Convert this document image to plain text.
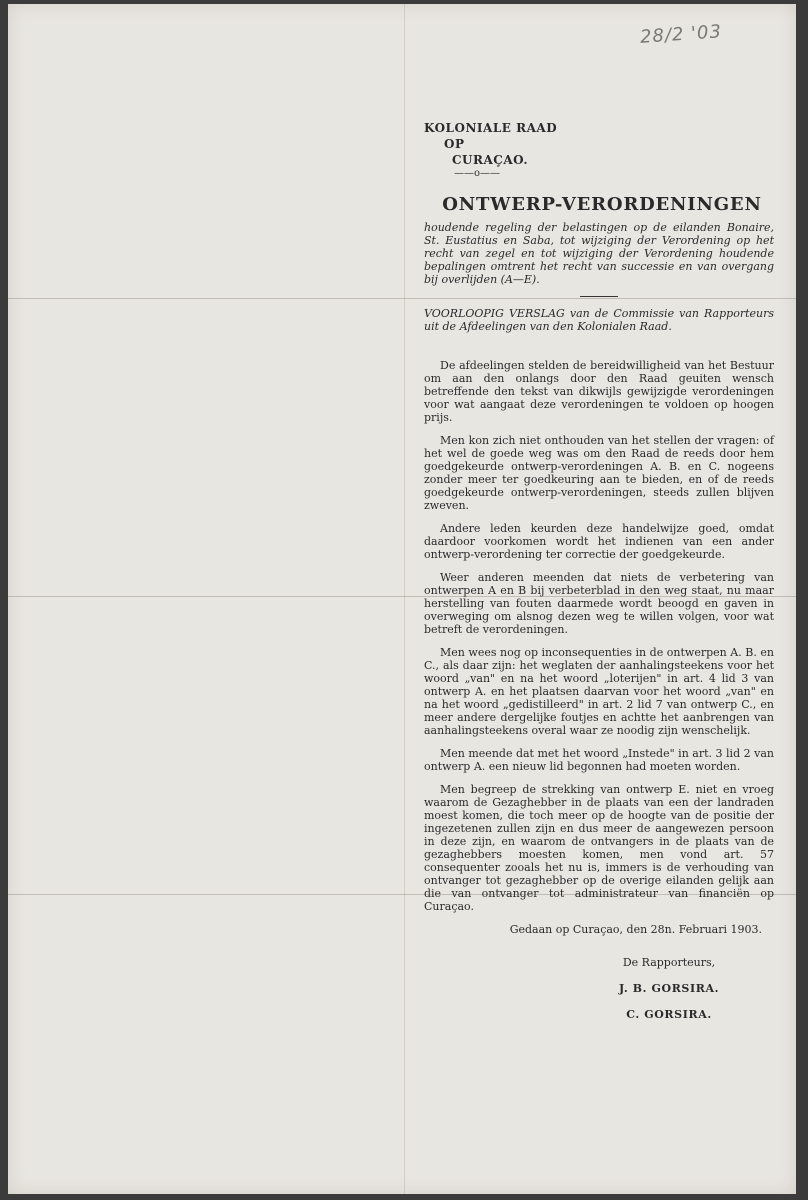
28/2 '03
KOLONIALE RAAD
OP
CURAÇAO.
——o——
ONTWERP-VERORDENINGEN
houdende regeling der belastingen op de eilanden Bonaire, St. Eustatius en Saba, tot wijziging der Verordening op het recht van zegel en tot wijziging der Verordening houdende bepalingen omtrent het recht van successie en van overgang bij overlijden (A—E).
VOORLOOPIG VERSLAG van de Commissie van Rapporteurs uit de Afdeelingen van den Kolonialen Raad.

De afdeelingen stelden de bereidwilligheid van het Bestuur om aan den onlangs door den Raad geuiten wensch betreffende den tekst van dikwijls gewijzigde verordeningen voor wat aangaat deze verordeningen te voldoen op hoogen prijs.

Men kon zich niet onthouden van het stellen der vragen: of het wel de goede weg was om den Raad de reeds door hem goedgekeurde ontwerp-verordeningen A. B. en C. nogeens zonder meer ter goedkeuring aan te bieden, en of de reeds goedgekeurde ontwerp-verordeningen, steeds zullen blijven zweven.

Andere leden keurden deze handelwijze goed, omdat daardoor voorkomen wordt het indienen van een ander ontwerp-verordening ter correctie der goedgekeurde.

Weer anderen meenden dat niets de verbetering van ontwerpen A en B bij verbeterblad in den weg staat, nu maar herstelling van fouten daarmede wordt beoogd en gaven in overweging om alsnog dezen weg te willen volgen, voor wat betreft de verordeningen.

Men wees nog op inconsequenties in de ontwerpen A. B. en C., als daar zijn: het weglaten der aanhalingsteekens voor het woord „van" en na het woord „loterijen" in art. 4 lid 3 van ontwerp A. en het plaatsen daarvan voor het woord „van" en na het woord „gedistilleerd" in art. 2 lid 7 van ontwerp C., en meer andere dergelijke foutjes en achtte het aanbrengen van aanhalingsteekens overal waar ze noodig zijn wenschelijk.

Men meende dat met het woord „Instede" in art. 3 lid 2 van ontwerp A. een nieuw lid begonnen had moeten worden.

Men begreep de strekking van ontwerp E. niet en vroeg waarom de Gezaghebber in de plaats van een der landraden moest komen, die toch meer op de hoogte van de positie der ingezetenen zullen zijn en dus meer de aangewezen persoon in deze zijn, en waarom de ontvangers in de plaats van de gezaghebbers moesten komen, men vond art. 57 consequenter zooals het nu is, immers is de verhouding van ontvanger tot gezaghebber op de overige eilanden gelijk aan die van ontvanger tot administrateur van financiën op Curaçao.

Gedaan op Curaçao, den 28n. Februari 1903.
De Rapporteurs,
J. B. GORSIRA.
C. GORSIRA.
